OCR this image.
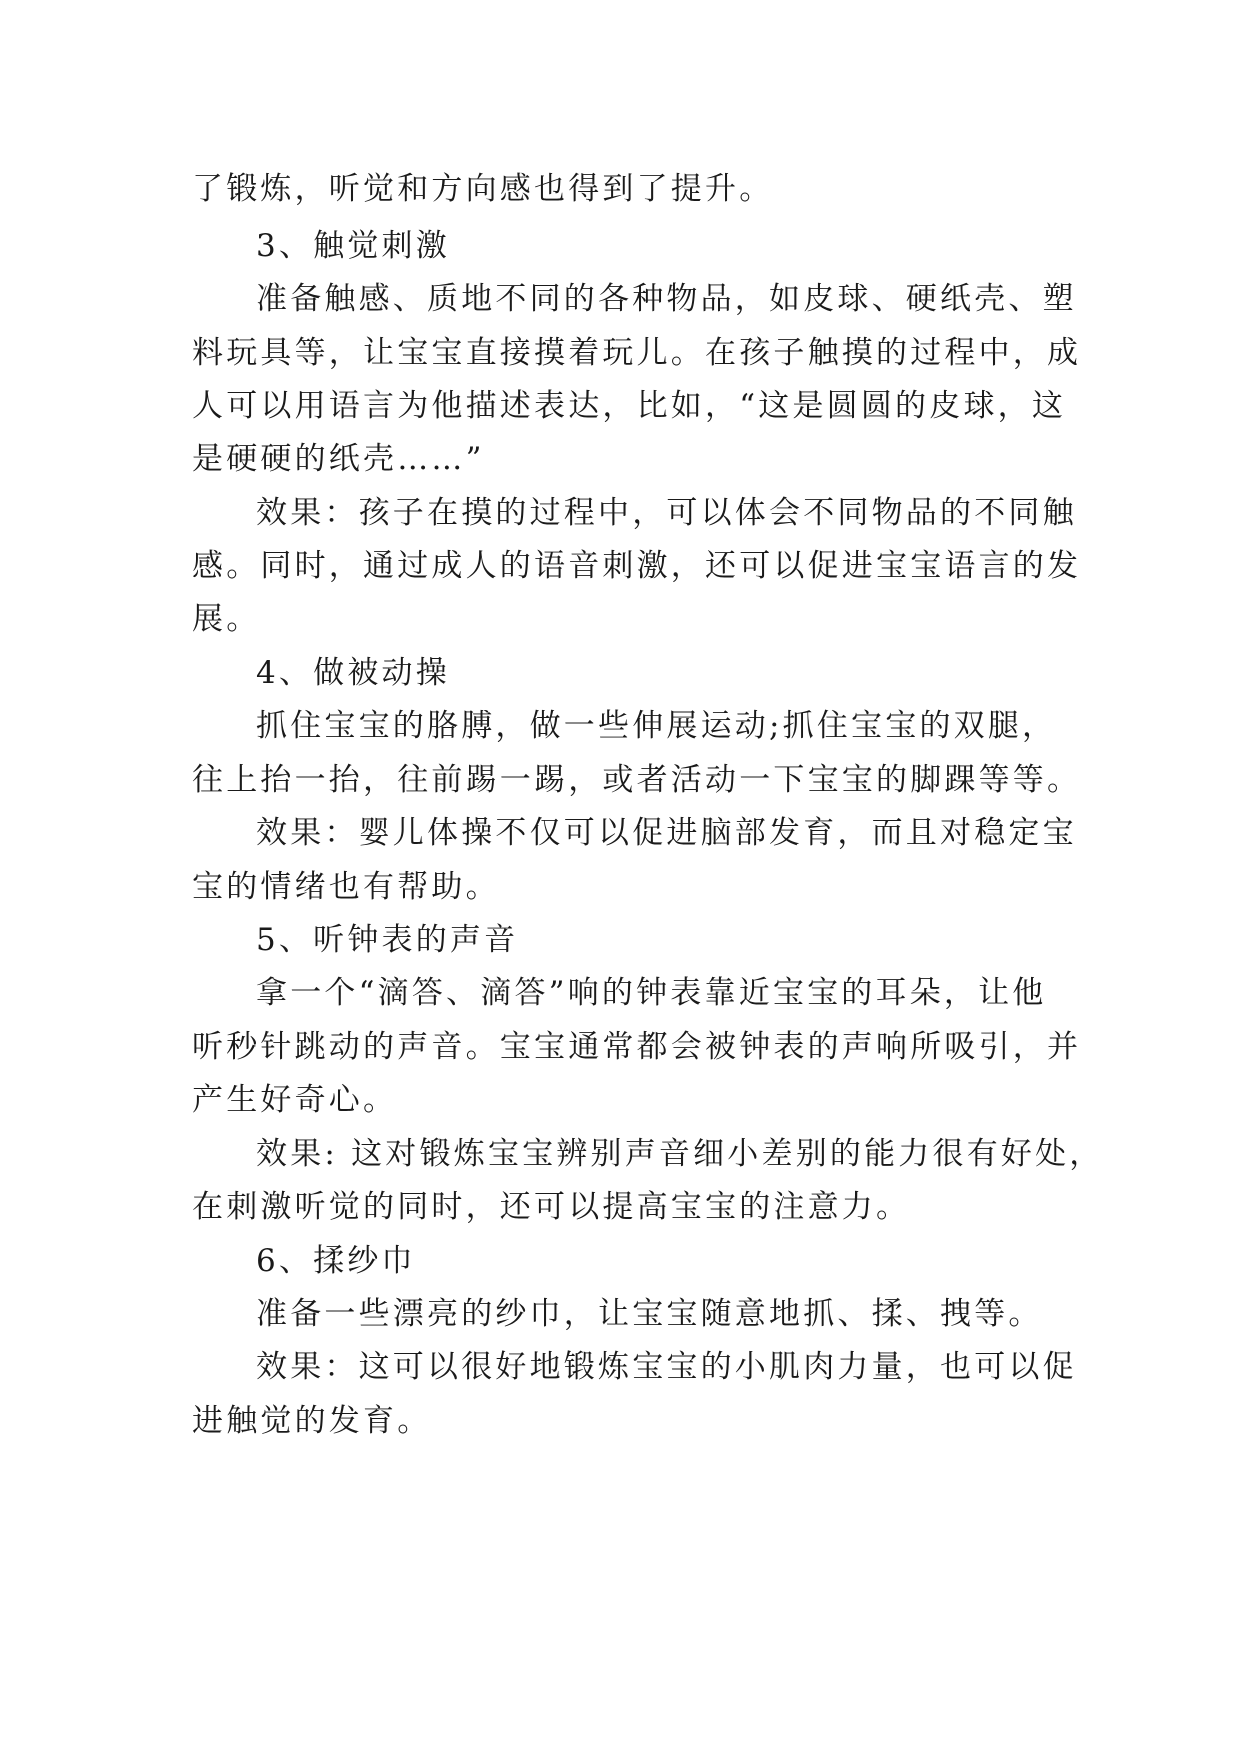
了锻炼，听觉和方向感也得到了提升。
3、触觉刺激
准备触感、质地不同的各种物品，如皮球、硬纸壳、塑
料玩具等，让宝宝直接摸着玩儿。在孩子触摸的过程中，成
人可以用语言为他描述表达，比如，“这是圆圆的皮球，这
是硬硬的纸壳……”
效果：孩子在摸的过程中，可以体会不同物品的不同触
感。同时，通过成人的语音刺激，还可以促进宝宝语言的发
展。
4、做被动操
抓住宝宝的胳膊，做一些伸展运动;抓住宝宝的双腿，
往上抬一抬，往前踢一踢，或者活动一下宝宝的脚踝等等。
效果：婴儿体操不仅可以促进脑部发育，而且对稳定宝
宝的情绪也有帮助。
5、听钟表的声音
拿一个“滴答、滴答”响的钟表靠近宝宝的耳朵，让他
听秒针跳动的声音。宝宝通常都会被钟表的声响所吸引，并
产生好奇心。
效果: 这对锻炼宝宝辨别声音细小差别的能力很有好处，
在刺激听觉的同时，还可以提高宝宝的注意力。
6、揉纱巾
准备一些漂亮的纱巾，让宝宝随意地抓、揉、拽等。
效果：这可以很好地锻炼宝宝的小肌肉力量，也可以促
进触觉的发育。
